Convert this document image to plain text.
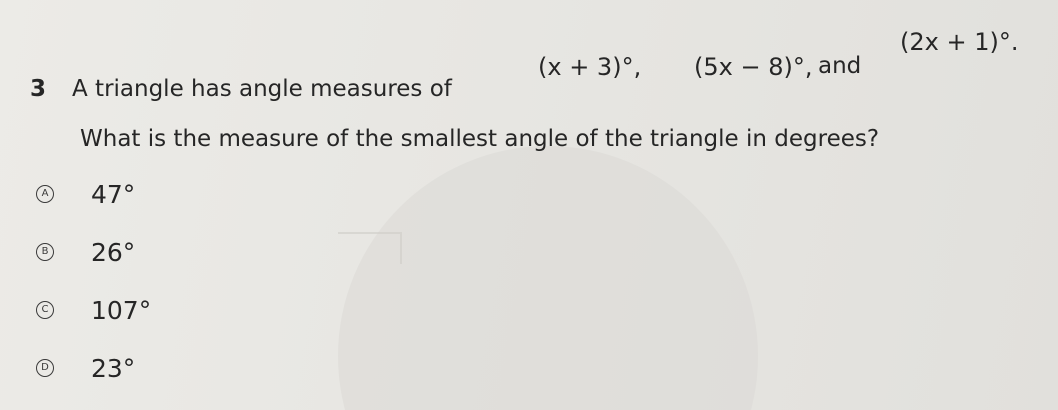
(2x + 1)°.
(x + 3)°, (5x − 8)°, and
3 A triangle has angle measures of
What is the measure of the smallest angle of the triangle in degrees?
A 47°
B 26°
C 107°
D 23°
